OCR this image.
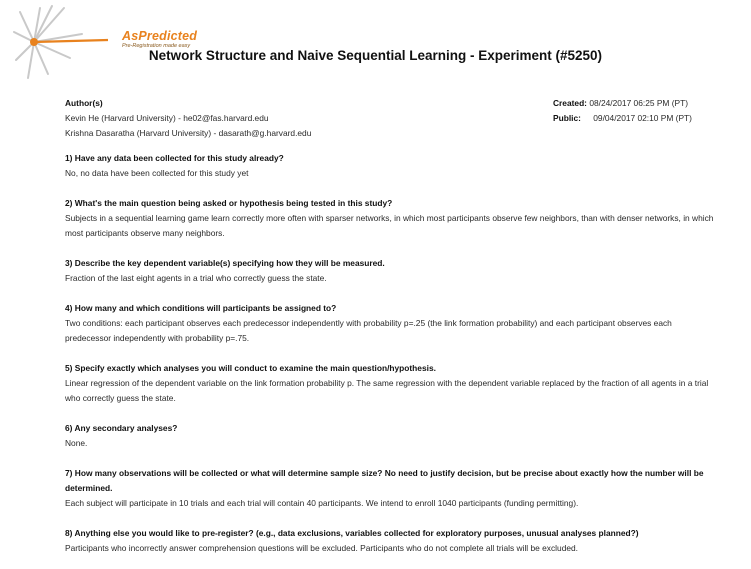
AsPredicted
Pre-Registration made easy
Network Structure and Naive Sequential Learning - Experiment (#5250)
Author(s)
Kevin He (Harvard University) - he02@fas.harvard.edu
Krishna Dasaratha (Harvard University) - dasarath@g.harvard.edu
Created: 08/24/2017 06:25 PM (PT)
Public: 09/04/2017 02:10 PM (PT)
1) Have any data been collected for this study already?
No, no data have been collected for this study yet
2) What's the main question being asked or hypothesis being tested in this study?
Subjects in a sequential learning game learn correctly more often with sparser networks, in which most participants observe few neighbors, than with denser networks, in which most participants observe many neighbors.
3) Describe the key dependent variable(s) specifying how they will be measured.
Fraction of the last eight agents in a trial who correctly guess the state.
4) How many and which conditions will participants be assigned to?
Two conditions: each participant observes each predecessor independently with probability p=.25 (the link formation probability) and each participant observes each predecessor independently with probability p=.75.
5) Specify exactly which analyses you will conduct to examine the main question/hypothesis.
Linear regression of the dependent variable on the link formation probability p. The same regression with the dependent variable replaced by the fraction of all agents in a trial who correctly guess the state.
6) Any secondary analyses?
None.
7) How many observations will be collected or what will determine sample size? No need to justify decision, but be precise about exactly how the number will be determined.
Each subject will participate in 10 trials and each trial will contain 40 participants. We intend to enroll 1040 participants (funding permitting).
8) Anything else you would like to pre-register? (e.g., data exclusions, variables collected for exploratory purposes, unusual analyses planned?)
Participants who incorrectly answer comprehension questions will be excluded. Participants who do not complete all trials will be excluded.
